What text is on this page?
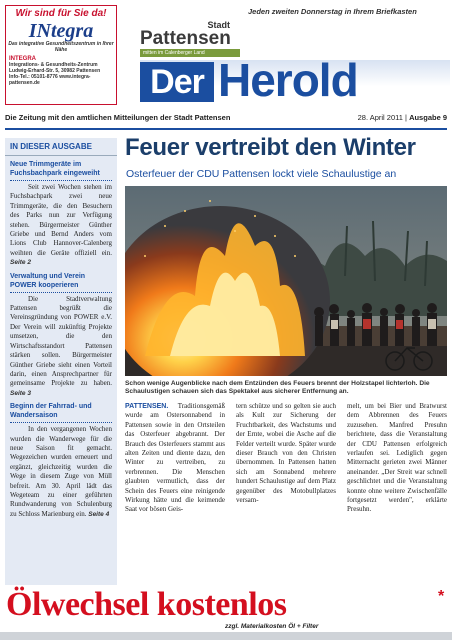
Wir sind für Sie da!
INtegra
Das integrative Gesundheitszentrum in Ihrer Nähe
INTEGRA
Integrations- & Gesundheits-Zentrum
Ludwig-Erhard-Str. 5, 30982 Pattensen
Info-Tel.: 05101-8776 www.integra-pattensen.de
Jeden zweiten Donnerstag in Ihrem Briefkasten
Stadt
Pattensen
mitten im Calenberger Land
Der Herold
Die Zeitung mit den amtlichen Mitteilungen der Stadt Pattensen	28. April 2011 | Ausgabe 9
IN DIESER AUSGABE
Neue Trimmgeräte im Fuchsbachpark eingeweiht

Seit zwei Wochen stehen im Fuchsbachpark zwei neue Trimmgeräte, die den Besuchern des Parks nun zur Verfügung stehen. Bürgermeister Günther Griebe und Bernd Anders vom Lions Club Hannover-Calenberg weihten die Geräte offiziell ein. Seite 2

Verwaltung und Verein POWER kooperieren

Die Stadtverwaltung Pattensen begrüßt die Vereinsgründung von POWER e.V. Der Verein will zukünftig Projekte umsetzen, die den Wirtschaftsstandort Pattensen stärken sollen. Bürgermeister Günther Griebe sieht einen Vorteil darin, einen Ansprechpartner für gemeinsame Projekte zu haben. Seite 3

Beginn der Fahrrad- und Wandersaison

In den vergangenen Wochen wurden die Wanderwege für die neue Saison fit gemacht. Wegezeichen wurden erneuert und ergänzt, gleichzeitig wurden die Wege in diesem Zuge von Müll befreit. Am 30. April lädt das Wegeteam zu einer geführten Rundwanderung von Schulenburg zu Schloss Marienburg ein. Seite 4

Feuer vertreibt den Winter
Osterfeuer der CDU Pattensen lockt viele Schaulustige an
Schon wenige Augenblicke nach dem Entzünden des Feuers brennt der Holzstapel lichterloh. Die Schaulustigen schauen sich das Spektakel aus sicherer Entfernung an.
PATTENSEN. Traditionsgemäß wurde am Ostersonnabend in Pattensen sowie in den Ortsteilen das Osterfeuer abgebrannt. Der Brauch des Osterfeuers stammt aus alten Zeiten und diente dazu, den Winter zu vertreiben, zu verbrennen. Die Menschen glaubten vermutlich, dass der Schein des Feuers eine reinigende Wirkung hätte und die keimende Saat vor bösen Geis-
tern schütze und so gelten sie auch als Kult zur Sicherung der Fruchtbarkeit, des Wachstums und der Ernte, wobei die Asche auf die Felder verteilt wurde. Später wurde dieser Brauch von den Christen übernommen. In Pattensen hatten sich am Sonnabend mehrere hundert Schaulustige auf dem Platz gegenüber des Motobullplatzes versam-
melt, um bei Bier und Bratwurst dem Abbrennen des Feuers zuzusehen. Manfred Presuhn berichtete, dass die Veranstaltung der CDU Pattensen erfolgreich verlaufen sei. Lediglich gegen Mitternacht gerieten zwei Männer aneinander. „Der Streit war schnell geschlichtet und die Veranstaltung konnte ohne weitere Zwischenfälle fortgesetzt werden", erklärte Presuhn.
Ölwechsel kostenlos	*
zzgl. Materialkosten Öl + Filter
